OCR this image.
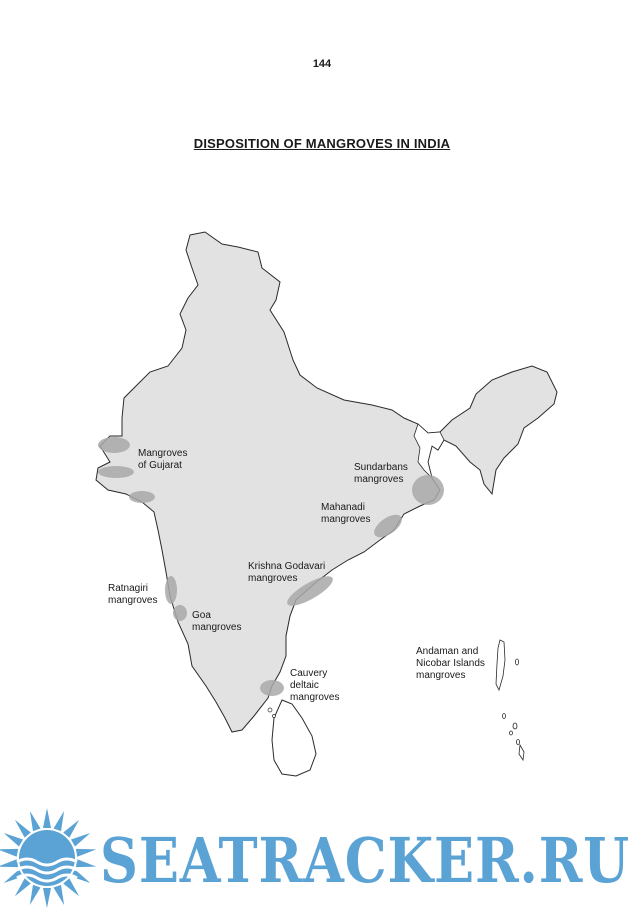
144
DISPOSITION OF MANGROVES IN INDIA
Mangroves of Gujarat	Sundarbans mangroves
Mahanadi mangroves
Krishna Godavari mangroves
Ratnagiri mangroves
Goa mangroves
Cauvery deltaic mangroves
Andaman and Nicobar Islands mangroves
SEATRACKER.RU
